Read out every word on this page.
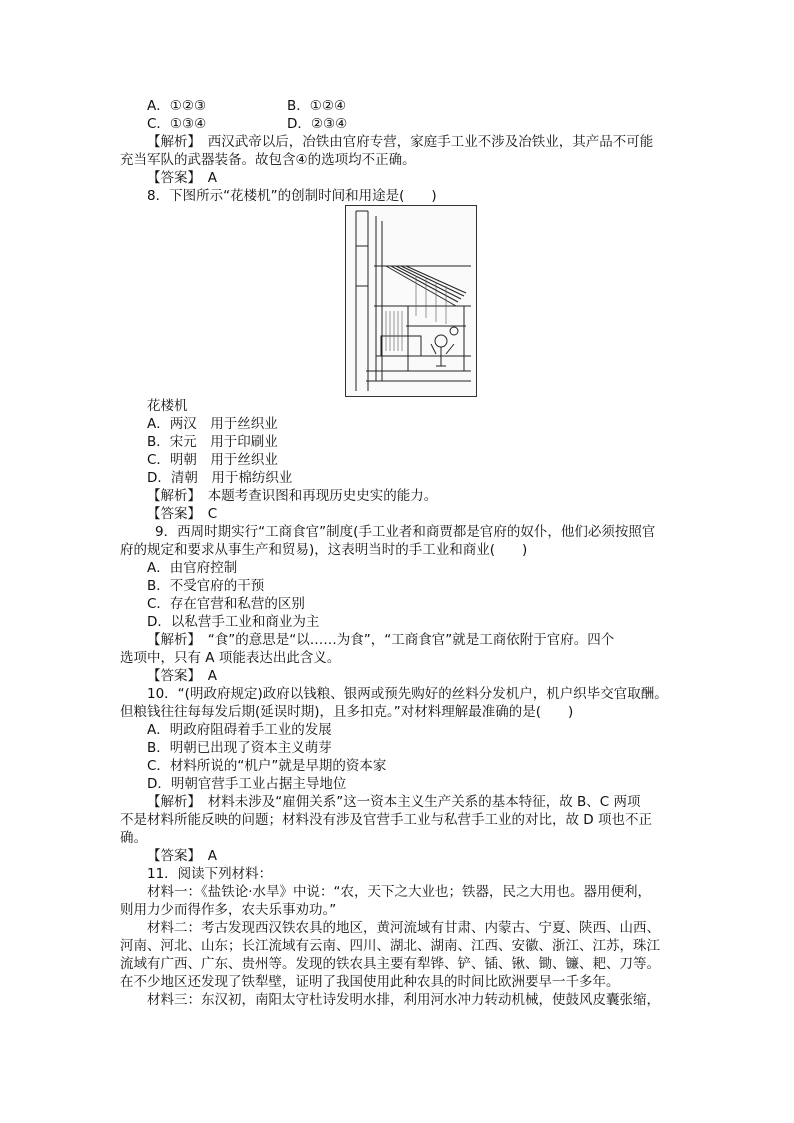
A．①②③	B．①②④
C．①③④	D．②③④
【解析】　西汉武帝以后，冶铁由官府专营，家庭手工业不涉及冶铁业，其产品不可能
充当军队的武器装备。故包含④的选项均不正确。
【答案】　A
8．下图所示“花楼机”的创制时间和用途是(　　)
花楼机
A．两汉　用于丝织业
B．宋元　用于印刷业
C．明朝　用于丝织业
D．清朝　用于棉纺织业
【解析】　本题考查识图和再现历史史实的能力。
【答案】　C
9．西周时期实行“工商食官”制度(手工业者和商贾都是官府的奴仆，他们必须按照官
府的规定和要求从事生产和贸易)，这表明当时的手工业和商业(　　)
A．由官府控制
B．不受官府的干预
C．存在官营和私营的区别
D．以私营手工业和商业为主
【解析】　“食”的意思是“以……为食”，“工商食官”就是工商依附于官府。四个
选项中，只有 A 项能表达出此含义。
【答案】　A
10．“(明政府规定)政府以钱粮、银两或预先购好的丝料分发机户，机户织毕交官取酬。
但粮钱往往每每发后期(延误时期)，且多扣克。”对材料理解最准确的是(　　)
A．明政府阻碍着手工业的发展
B．明朝已出现了资本主义萌芽
C．材料所说的“机户”就是早期的资本家
D．明朝官营手工业占据主导地位
【解析】　材料未涉及“雇佣关系”这一资本主义生产关系的基本特征，故 B、C 两项
不是材料所能反映的问题；材料没有涉及官营手工业与私营手工业的对比，故 D 项也不正
确。
【答案】　A
11．阅读下列材料：
材料一：《盐铁论·水旱》中说：“农，天下之大业也；铁器，民之大用也。器用便利，
则用力少而得作多，农夫乐事劝功。”
材料二：考古发现西汉铁农具的地区，黄河流域有甘肃、内蒙古、宁夏、陕西、山西、
河南、河北、山东；长江流域有云南、四川、湖北、湖南、江西、安徽、浙江、江苏，珠江
流域有广西、广东、贵州等。发现的铁农具主要有犁铧、铲、锸、锹、锄、镰、耙、刀等。
在不少地区还发现了铁犁壁，证明了我国使用此种农具的时间比欧洲要早一千多年。
材料三：东汉初，南阳太守杜诗发明水排，利用河水冲力转动机械，使鼓风皮囊张缩，
